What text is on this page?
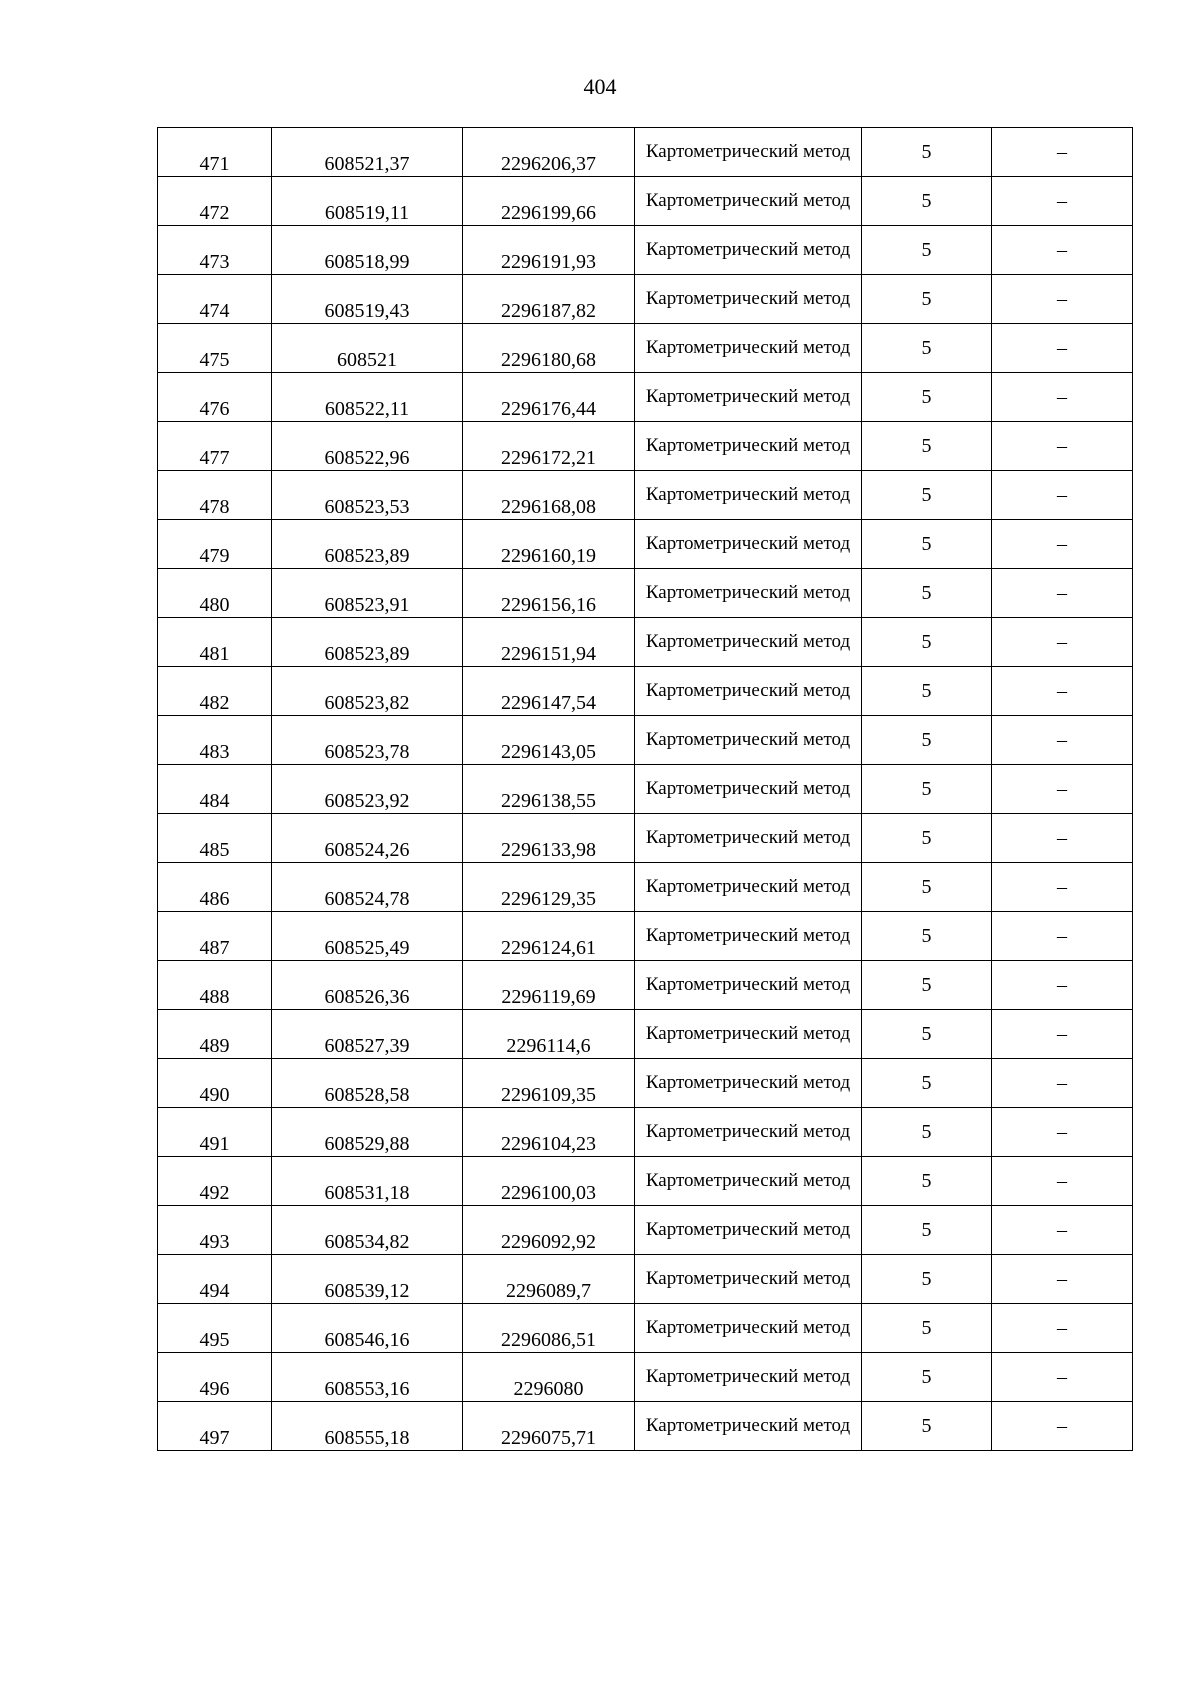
404
471	608521,37	2296206,37	Картометрический метод	5	–
472	608519,11	2296199,66	Картометрический метод	5	–
473	608518,99	2296191,93	Картометрический метод	5	–
474	608519,43	2296187,82	Картометрический метод	5	–
475	608521	2296180,68	Картометрический метод	5	–
476	608522,11	2296176,44	Картометрический метод	5	–
477	608522,96	2296172,21	Картометрический метод	5	–
478	608523,53	2296168,08	Картометрический метод	5	–
479	608523,89	2296160,19	Картометрический метод	5	–
480	608523,91	2296156,16	Картометрический метод	5	–
481	608523,89	2296151,94	Картометрический метод	5	–
482	608523,82	2296147,54	Картометрический метод	5	–
483	608523,78	2296143,05	Картометрический метод	5	–
484	608523,92	2296138,55	Картометрический метод	5	–
485	608524,26	2296133,98	Картометрический метод	5	–
486	608524,78	2296129,35	Картометрический метод	5	–
487	608525,49	2296124,61	Картометрический метод	5	–
488	608526,36	2296119,69	Картометрический метод	5	–
489	608527,39	2296114,6	Картометрический метод	5	–
490	608528,58	2296109,35	Картометрический метод	5	–
491	608529,88	2296104,23	Картометрический метод	5	–
492	608531,18	2296100,03	Картометрический метод	5	–
493	608534,82	2296092,92	Картометрический метод	5	–
494	608539,12	2296089,7	Картометрический метод	5	–
495	608546,16	2296086,51	Картометрический метод	5	–
496	608553,16	2296080	Картометрический метод	5	–
497	608555,18	2296075,71	Картометрический метод	5	–
